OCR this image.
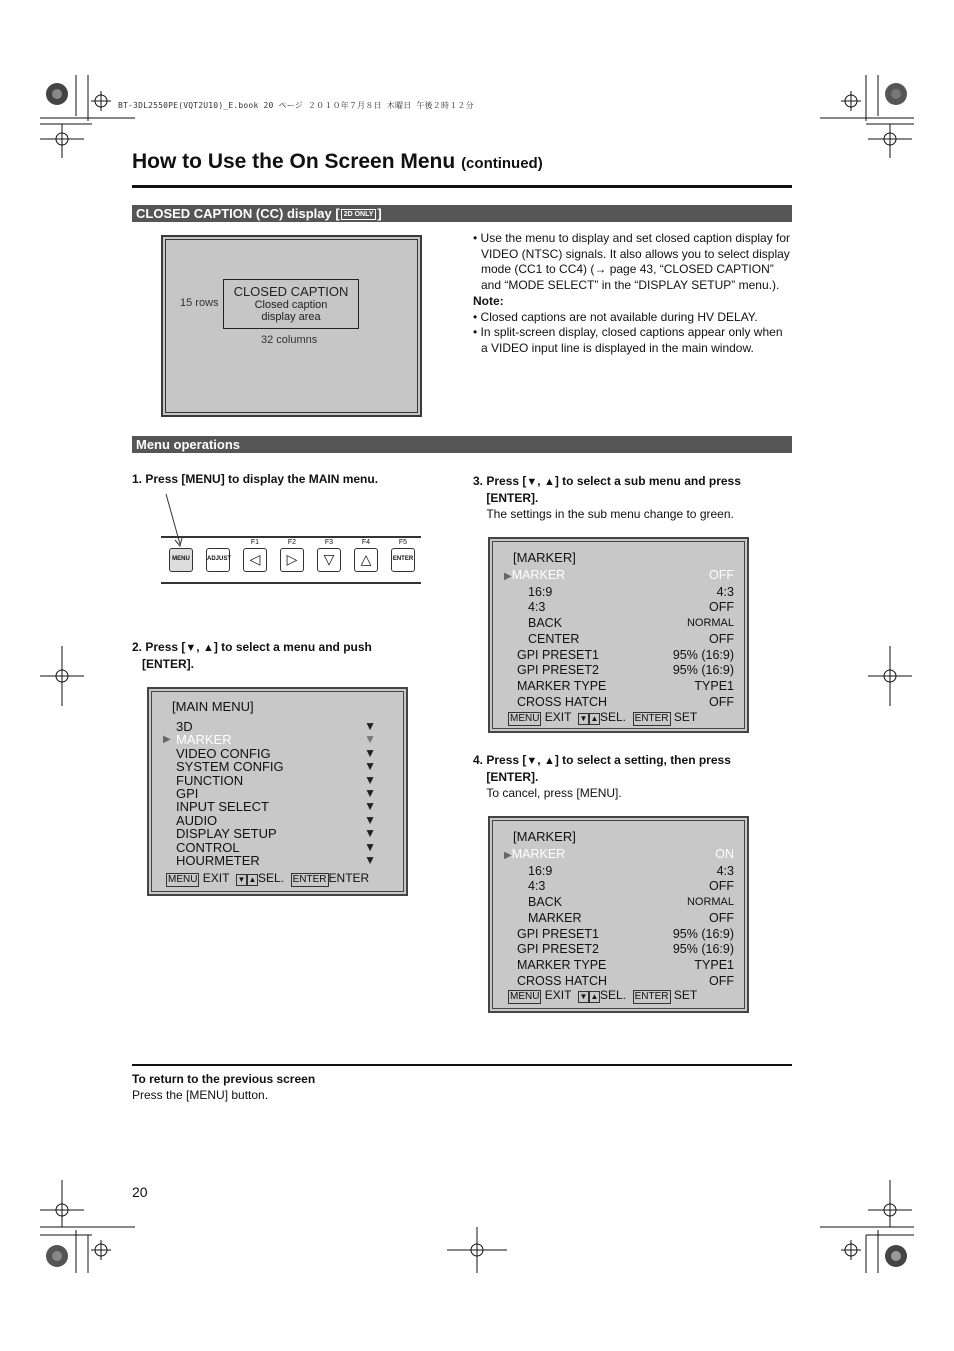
BT-3DL2550PE(VQT2U10)_E.book 20 ページ ２０１０年７月８日 木曜日 午後２時１２分
How to Use the On Screen Menu (continued)
CLOSED CAPTION (CC) display [ 2D ONLY ]
CLOSED CAPTION
Closed caption
display area
15 rows
32 columns
• Use the menu to display and set closed caption display for VIDEO (NTSC) signals. It also allows you to select display mode (CC1 to CC4) (→ page 43, “CLOSED CAPTION” and “MODE SELECT” in the “DISPLAY SETUP” menu.).
Note:
• Closed captions are not available during HV DELAY.
• In split-screen display, closed captions appear only when a VIDEO input line is displayed in the main window.
Menu operations
1. Press [MENU] to display the MAIN menu.
MENU	ADJUST
F1
◁
F2
▷
F3
▽
F4
△
F5
ENTER
2. Press [▼, ▲] to select a menu and push
[ENTER].
[MAIN MENU]
3D	▼
▶ MARKER	▼
VIDEO CONFIG	▼
SYSTEM CONFIG	▼
FUNCTION	▼
GPI	▼
INPUT SELECT	▼
AUDIO	▼
DISPLAY SETUP	▼
CONTROL	▼
HOURMETER	▼
MENU EXIT ▼ ▲ SEL. ENTER ENTER
3. Press [▼, ▲] to select a sub menu and press
[ENTER].
The settings in the sub menu change to green.
[MARKER]
▶MARKER	OFF
16:9	4:3
4:3	OFF
BACK	NORMAL
CENTER	OFF
GPI PRESET1	95% (16:9)
GPI PRESET2	95% (16:9)
MARKER TYPE	TYPE1
CROSS HATCH	OFF
MENU EXIT ▼ ▲ SEL. ENTER SET
4. Press [▼, ▲] to select a setting, then press
[ENTER].
To cancel, press [MENU].
[MARKER]
▶MARKER	ON
16:9	4:3
4:3	OFF
BACK	NORMAL
MARKER	OFF
GPI PRESET1	95% (16:9)
GPI PRESET2	95% (16:9)
MARKER TYPE	TYPE1
CROSS HATCH	OFF
MENU EXIT ▼ ▲ SEL. ENTER SET
To return to the previous screen
Press the [MENU] button.
20
